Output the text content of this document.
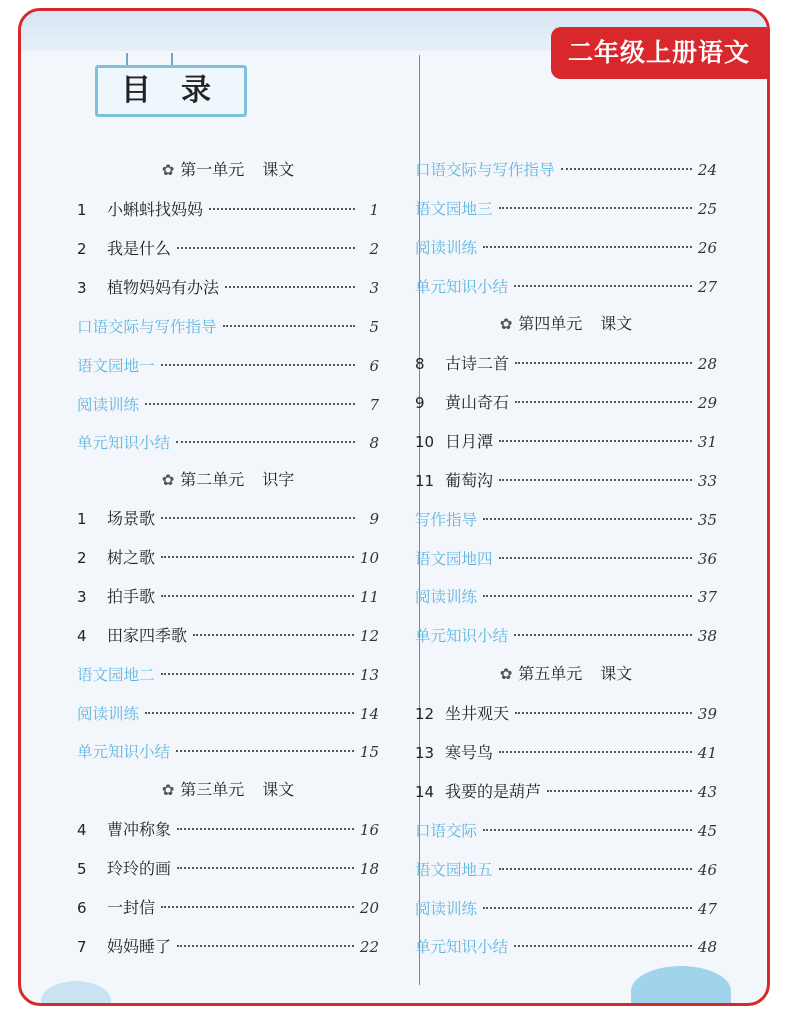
目录
二年级上册语文
✿ 第一单元 课文
1	小蝌蚪找妈妈	1
2	我是什么	2
3	植物妈妈有办法	3
口语交际与写作指导	5
语文园地一	6
阅读训练	7
单元知识小结	8
✿ 第二单元 识字
1	场景歌	9
2	树之歌	10
3	拍手歌	11
4	田家四季歌	12
语文园地二	13
阅读训练	14
单元知识小结	15
✿ 第三单元 课文
4	曹冲称象	16
5	玲玲的画	18
6	一封信	20
7	妈妈睡了	22
口语交际与写作指导	24
语文园地三	25
阅读训练	26
单元知识小结	27
✿ 第四单元 课文
8	古诗二首	28
9	黄山奇石	29
10 日月潭	31
11 葡萄沟	33
写作指导	35
语文园地四	36
阅读训练	37
单元知识小结	38
✿ 第五单元 课文
12 坐井观天	39
13 寒号鸟	41
14 我要的是葫芦	43
口语交际	45
语文园地五	46
阅读训练	47
单元知识小结	48
